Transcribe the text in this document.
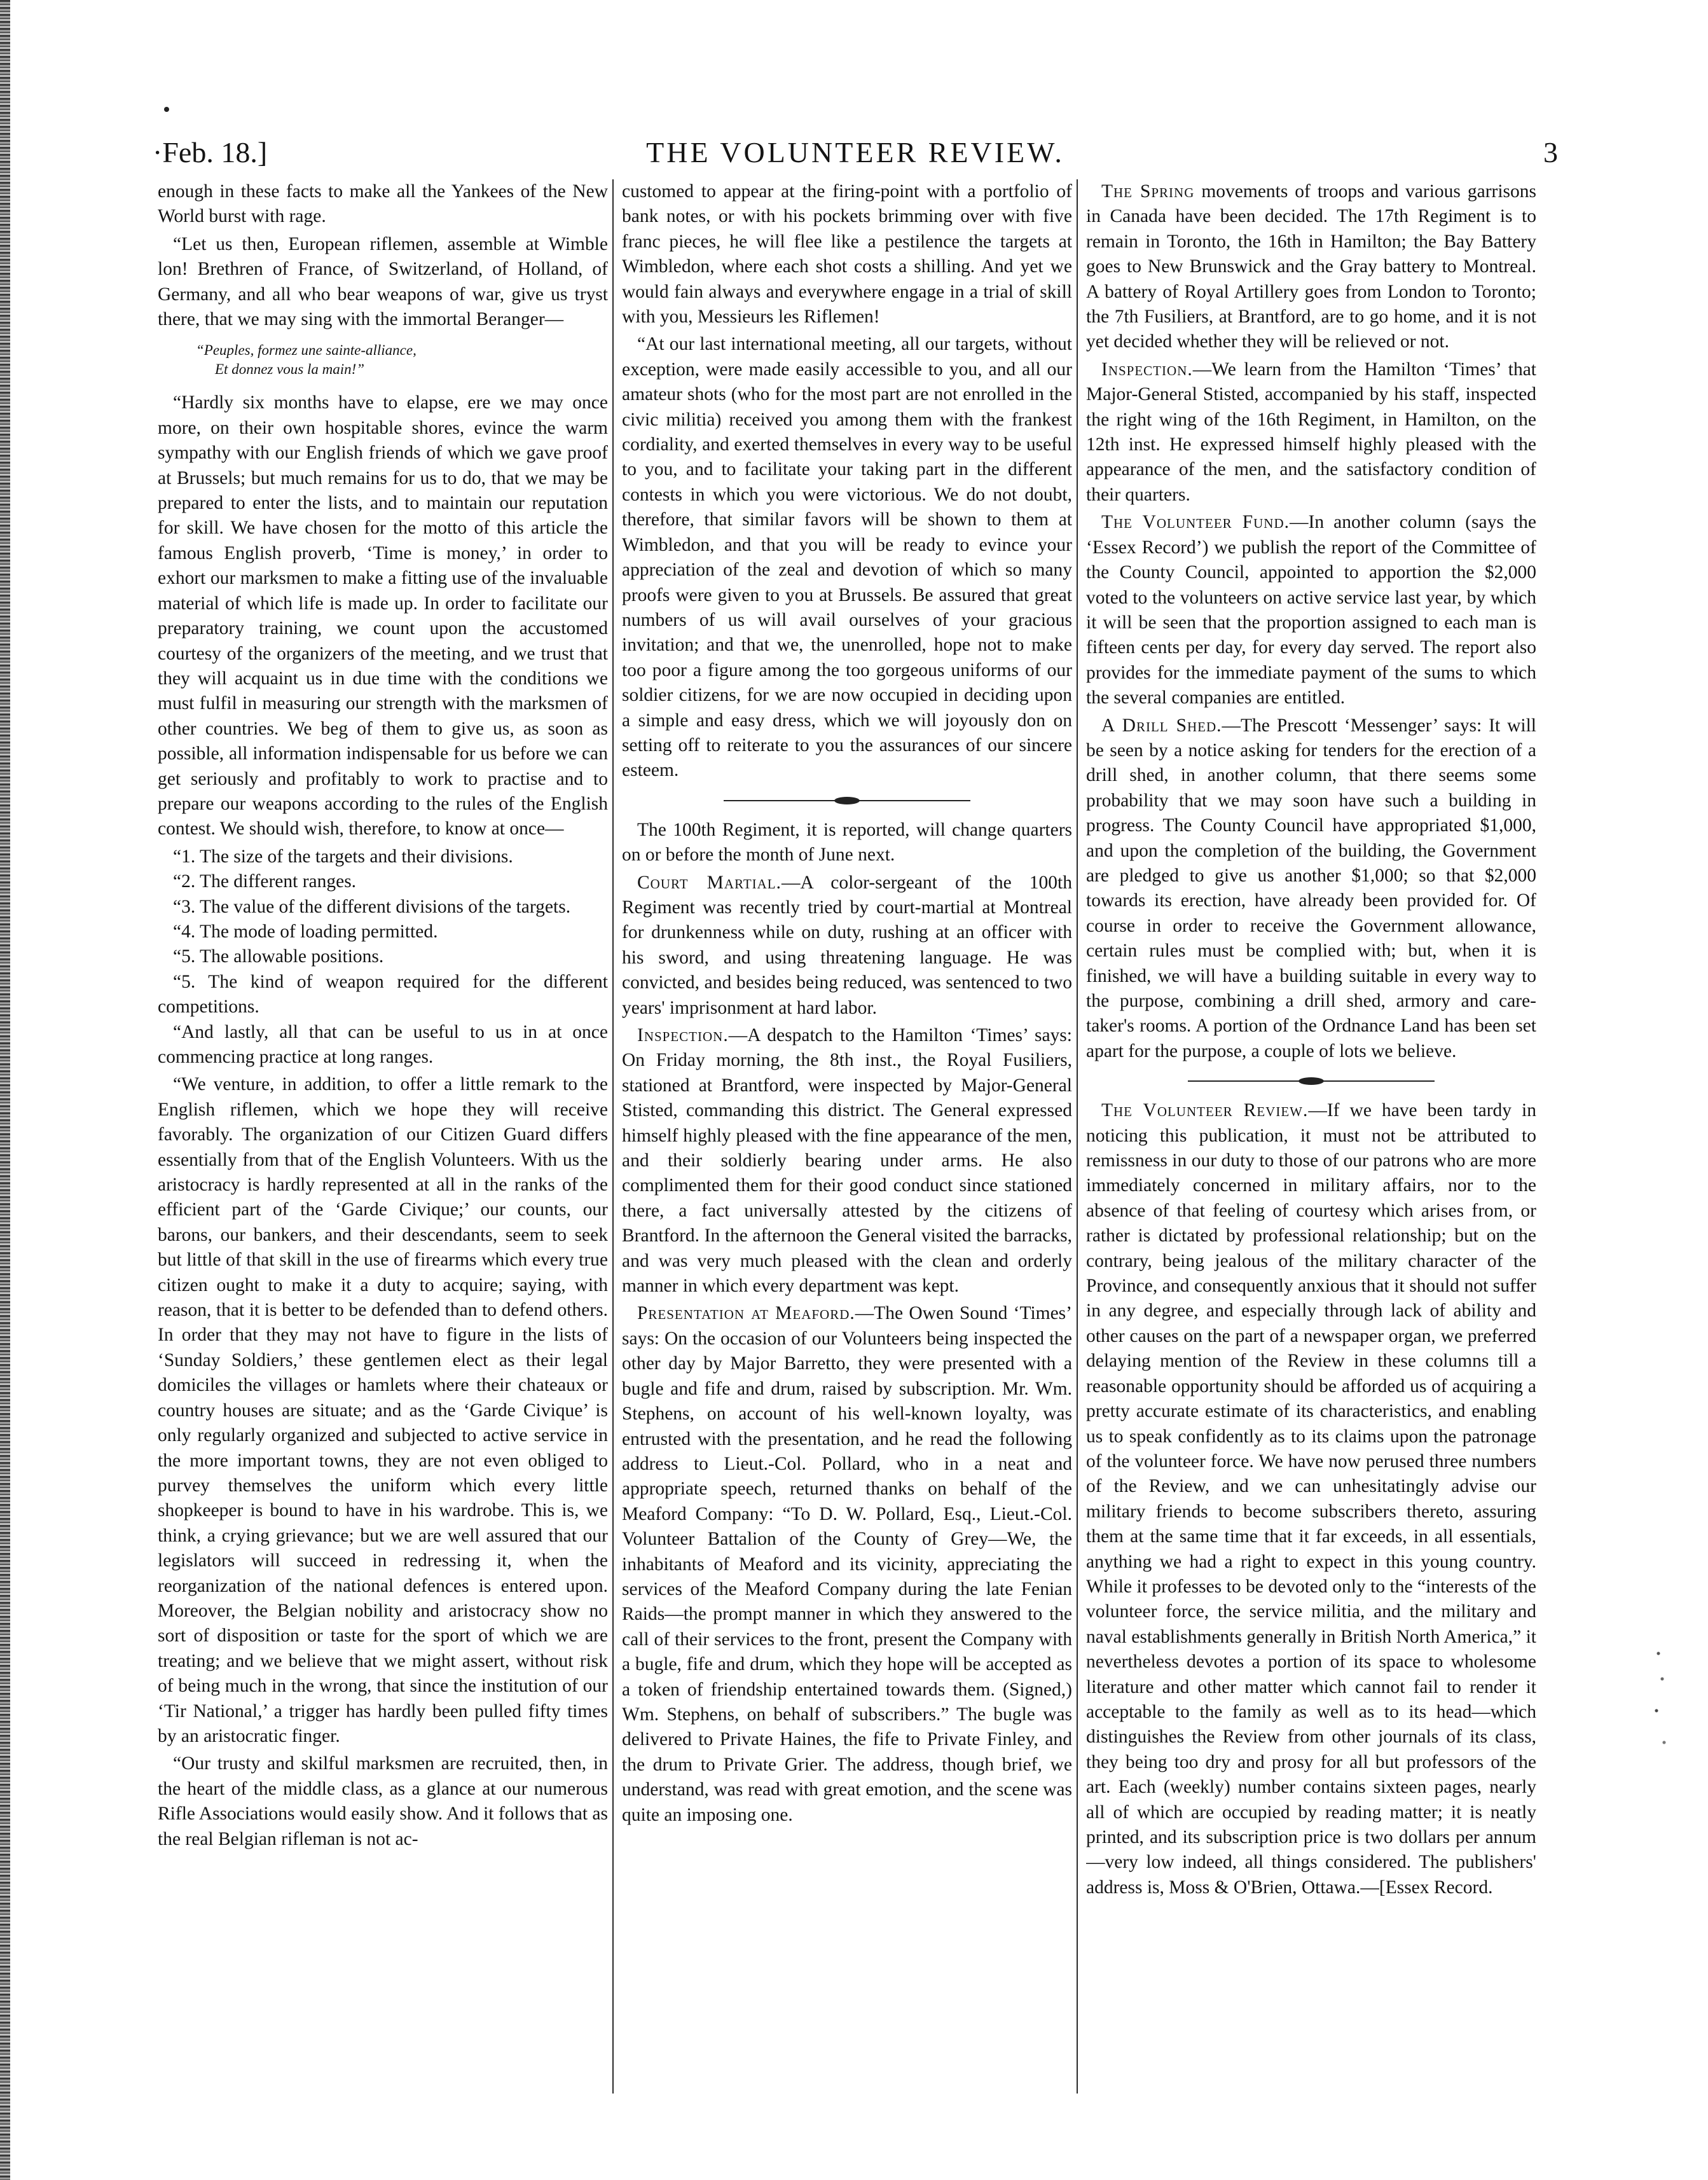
·Feb. 18.]	THE VOLUNTEER REVIEW.	3

enough in these facts to make all the Yankees of the New World burst with rage.

“Let us then, European riflemen, assemble at Wimble lon! Brethren of France, of Switzerland, of Holland, of Germany, and all who bear weapons of war, give us tryst there, that we may sing with the immortal Beranger—

“Peuples, formez une sainte-alliance,
Et donnez vous la main!”

“Hardly six months have to elapse, ere we may once more, on their own hospitable shores, evince the warm sympathy with our English friends of which we gave proof at Brussels; but much remains for us to do, that we may be prepared to enter the lists, and to maintain our reputation for skill. We have chosen for the motto of this article the famous English proverb, ‘Time is money,’ in order to exhort our marksmen to make a fitting use of the invaluable material of which life is made up. In order to facilitate our preparatory training, we count upon the accustomed courtesy of the organizers of the meeting, and we trust that they will acquaint us in due time with the conditions we must fulfil in measuring our strength with the marksmen of other countries. We beg of them to give us, as soon as possible, all information indispensable for us before we can get seriously and profitably to work to practise and to prepare our weapons according to the rules of the English contest. We should wish, therefore, to know at once—

“1. The size of the targets and their divisions.

“2. The different ranges.

“3. The value of the different divisions of the targets.

“4. The mode of loading permitted.

“5. The allowable positions.

“5. The kind of weapon required for the different competitions.

“And lastly, all that can be useful to us in at once commencing practice at long ranges.

“We venture, in addition, to offer a little remark to the English riflemen, which we hope they will receive favorably. The organization of our Citizen Guard differs essentially from that of the English Volunteers. With us the aristocracy is hardly represented at all in the ranks of the efficient part of the ‘Garde Civique;’ our counts, our barons, our bankers, and their descendants, seem to seek but little of that skill in the use of firearms which every true citizen ought to make it a duty to acquire; saying, with reason, that it is better to be defended than to defend others. In order that they may not have to figure in the lists of ‘Sunday Soldiers,’ these gentlemen elect as their legal domiciles the villages or hamlets where their chateaux or country houses are situate; and as the ‘Garde Civique’ is only regularly organized and subjected to active service in the more important towns, they are not even obliged to purvey themselves the uniform which every little shopkeeper is bound to have in his wardrobe. This is, we think, a crying grievance; but we are well assured that our legislators will succeed in redressing it, when the reorganization of the national defences is entered upon. Moreover, the Belgian nobility and aristocracy show no sort of disposition or taste for the sport of which we are treating; and we believe that we might assert, without risk of being much in the wrong, that since the institution of our ‘Tir National,’ a trigger has hardly been pulled fifty times by an aristocratic finger.

“Our trusty and skilful marksmen are recruited, then, in the heart of the middle class, as a glance at our numerous Rifle Associations would easily show. And it follows that as the real Belgian rifleman is not ac-

customed to appear at the firing-point with a portfolio of bank notes, or with his pockets brimming over with five franc pieces, he will flee like a pestilence the targets at Wimbledon, where each shot costs a shilling. And yet we would fain always and everywhere engage in a trial of skill with you, Messieurs les Riflemen!

“At our last international meeting, all our targets, without exception, were made easily accessible to you, and all our amateur shots (who for the most part are not enrolled in the civic militia) received you among them with the frankest cordiality, and exerted themselves in every way to be useful to you, and to facilitate your taking part in the different contests in which you were victorious. We do not doubt, therefore, that similar favors will be shown to them at Wimbledon, and that you will be ready to evince your appreciation of the zeal and devotion of which so many proofs were given to you at Brussels. Be assured that great numbers of us will avail ourselves of your gracious invitation; and that we, the unenrolled, hope not to make too poor a figure among the too gorgeous uniforms of our soldier citizens, for we are now occupied in deciding upon a simple and easy dress, which we will joyously don on setting off to reiterate to you the assurances of our sincere esteem.

The 100th Regiment, it is reported, will change quarters on or before the month of June next.

Court Martial.—A color-sergeant of the 100th Regiment was recently tried by court-martial at Montreal for drunkenness while on duty, rushing at an officer with his sword, and using threatening language. He was convicted, and besides being reduced, was sentenced to two years' imprisonment at hard labor.

Inspection.—A despatch to the Hamilton ‘Times’ says: On Friday morning, the 8th inst., the Royal Fusiliers, stationed at Brantford, were inspected by Major-General Stisted, commanding this district. The General expressed himself highly pleased with the fine appearance of the men, and their soldierly bearing under arms. He also complimented them for their good conduct since stationed there, a fact universally attested by the citizens of Brantford. In the afternoon the General visited the barracks, and was very much pleased with the clean and orderly manner in which every department was kept.

Presentation at Meaford.—The Owen Sound ‘Times’ says: On the occasion of our Volunteers being inspected the other day by Major Barretto, they were presented with a bugle and fife and drum, raised by subscription. Mr. Wm. Stephens, on account of his well-known loyalty, was entrusted with the presentation, and he read the following address to Lieut.-Col. Pollard, who in a neat and appropriate speech, returned thanks on behalf of the Meaford Company: “To D. W. Pollard, Esq., Lieut.-Col. Volunteer Battalion of the County of Grey—We, the inhabitants of Meaford and its vicinity, appreciating the services of the Meaford Company during the late Fenian Raids—the prompt manner in which they answered to the call of their services to the front, present the Company with a bugle, fife and drum, which they hope will be accepted as a token of friendship entertained towards them. (Signed,) Wm. Stephens, on behalf of subscribers.” The bugle was delivered to Private Haines, the fife to Private Finley, and the drum to Private Grier. The address, though brief, we understand, was read with great emotion, and the scene was quite an imposing one.

The Spring movements of troops and various garrisons in Canada have been decided. The 17th Regiment is to remain in Toronto, the 16th in Hamilton; the Bay Battery goes to New Brunswick and the Gray battery to Montreal. A battery of Royal Artillery goes from London to Toronto; the 7th Fusiliers, at Brantford, are to go home, and it is not yet decided whether they will be relieved or not.

Inspection.—We learn from the Hamilton ‘Times’ that Major-General Stisted, accompanied by his staff, inspected the right wing of the 16th Regiment, in Hamilton, on the 12th inst. He expressed himself highly pleased with the appearance of the men, and the satisfactory condition of their quarters.

The Volunteer Fund.—In another column (says the ‘Essex Record’) we publish the report of the Committee of the County Council, appointed to apportion the $2,000 voted to the volunteers on active service last year, by which it will be seen that the proportion assigned to each man is fifteen cents per day, for every day served. The report also provides for the immediate payment of the sums to which the several companies are entitled.

A Drill Shed.—The Prescott ‘Messenger’ says: It will be seen by a notice asking for tenders for the erection of a drill shed, in another column, that there seems some probability that we may soon have such a building in progress. The County Council have appropriated $1,000, and upon the completion of the building, the Government are pledged to give us another $1,000; so that $2,000 towards its erection, have already been provided for. Of course in order to receive the Government allowance, certain rules must be complied with; but, when it is finished, we will have a building suitable in every way to the purpose, combining a drill shed, armory and care-taker's rooms. A portion of the Ordnance Land has been set apart for the purpose, a couple of lots we believe.

The Volunteer Review.—If we have been tardy in noticing this publication, it must not be attributed to remissness in our duty to those of our patrons who are more immediately concerned in military affairs, nor to the absence of that feeling of courtesy which arises from, or rather is dictated by professional relationship; but on the contrary, being jealous of the military character of the Province, and consequently anxious that it should not suffer in any degree, and especially through lack of ability and other causes on the part of a newspaper organ, we preferred delaying mention of the Review in these columns till a reasonable opportunity should be afforded us of acquiring a pretty accurate estimate of its characteristics, and enabling us to speak confidently as to its claims upon the patronage of the volunteer force. We have now perused three numbers of the Review, and we can unhesitatingly advise our military friends to become subscribers thereto, assuring them at the same time that it far exceeds, in all essentials, anything we had a right to expect in this young country. While it professes to be devoted only to the “interests of the volunteer force, the service militia, and the military and naval establishments generally in British North America,” it nevertheless devotes a portion of its space to wholesome literature and other matter which cannot fail to render it acceptable to the family as well as to its head—which distinguishes the Review from other journals of its class, they being too dry and prosy for all but professors of the art. Each (weekly) number contains sixteen pages, nearly all of which are occupied by reading matter; it is neatly printed, and its subscription price is two dollars per annum—very low indeed, all things considered. The publishers' address is, Moss & O'Brien, Ottawa.—[Essex Record.
